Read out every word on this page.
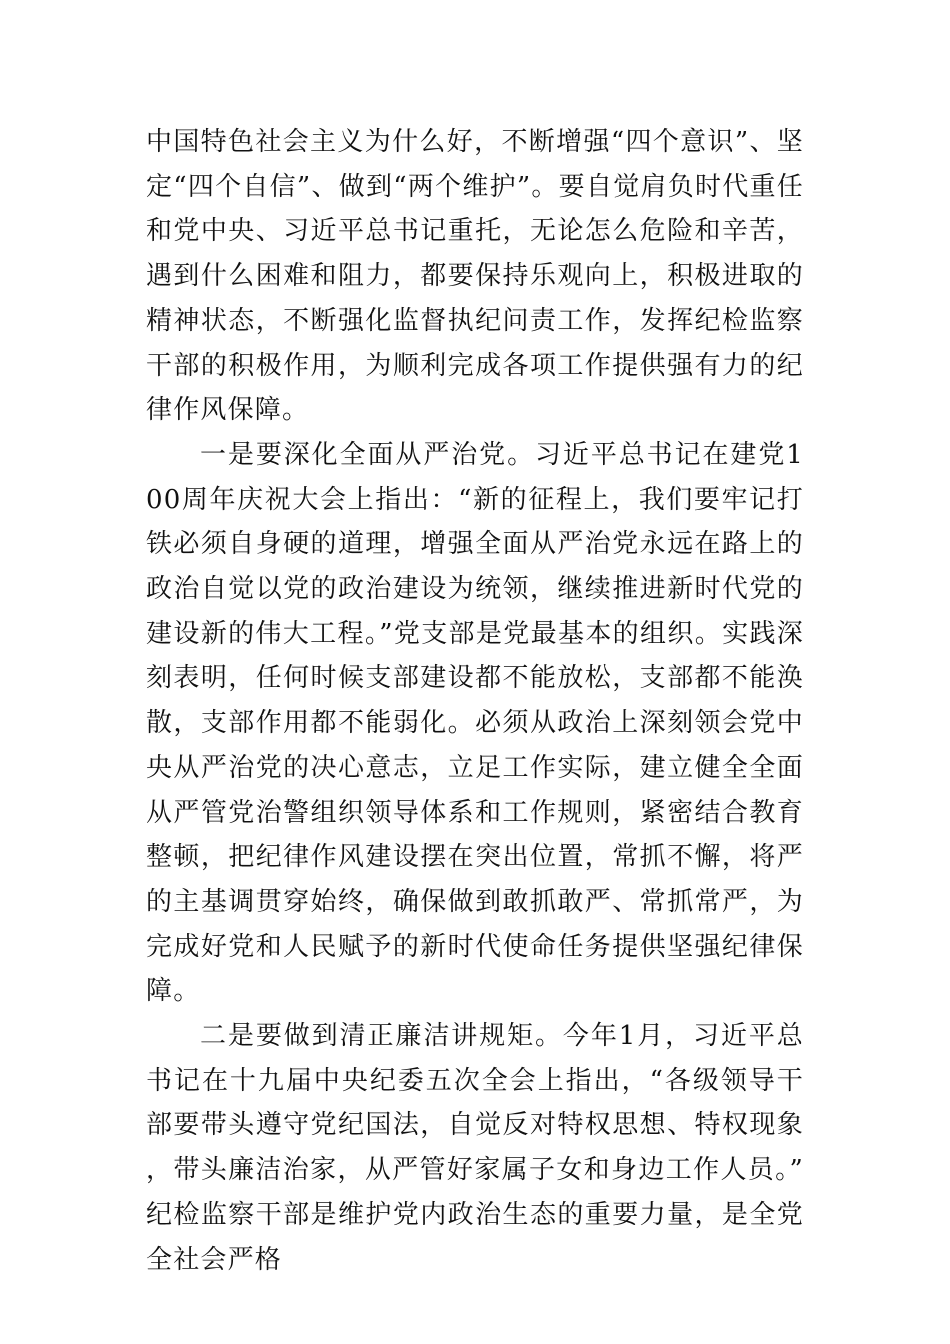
中国特色社会主义为什么好，不断增强“四个意识”、坚定“四个自信”、做到“两个维护”。要自觉肩负时代重任和党中央、习近平总书记重托，无论怎么危险和辛苦，遇到什么困难和阻力，都要保持乐观向上，积极进取的精神状态，不断强化监督执纪问责工作，发挥纪检监察干部的积极作用，为顺利完成各项工作提供强有力的纪律作风保障。

一是要深化全面从严治党。习近平总书记在建党100周年庆祝大会上指出：“新的征程上，我们要牢记打铁必须自身硬的道理，增强全面从严治党永远在路上的政治自觉以党的政治建设为统领，继续推进新时代党的建设新的伟大工程。”党支部是党最基本的组织。实践深刻表明，任何时候支部建设都不能放松，支部都不能涣散，支部作用都不能弱化。必须从政治上深刻领会党中央从严治党的决心意志，立足工作实际，建立健全全面从严管党治警组织领导体系和工作规则，紧密结合教育整顿，把纪律作风建设摆在突出位置，常抓不懈，将严的主基调贯穿始终，确保做到敢抓敢严、常抓常严，为完成好党和人民赋予的新时代使命任务提供坚强纪律保障。

二是要做到清正廉洁讲规矩。今年1月，习近平总书记在十九届中央纪委五次全会上指出，“各级领导干部要带头遵守党纪国法，自觉反对特权思想、特权现象，带头廉洁治家，从严管好家属子女和身边工作人员。”纪检监察干部是维护党内政治生态的重要力量，是全党全社会严格
